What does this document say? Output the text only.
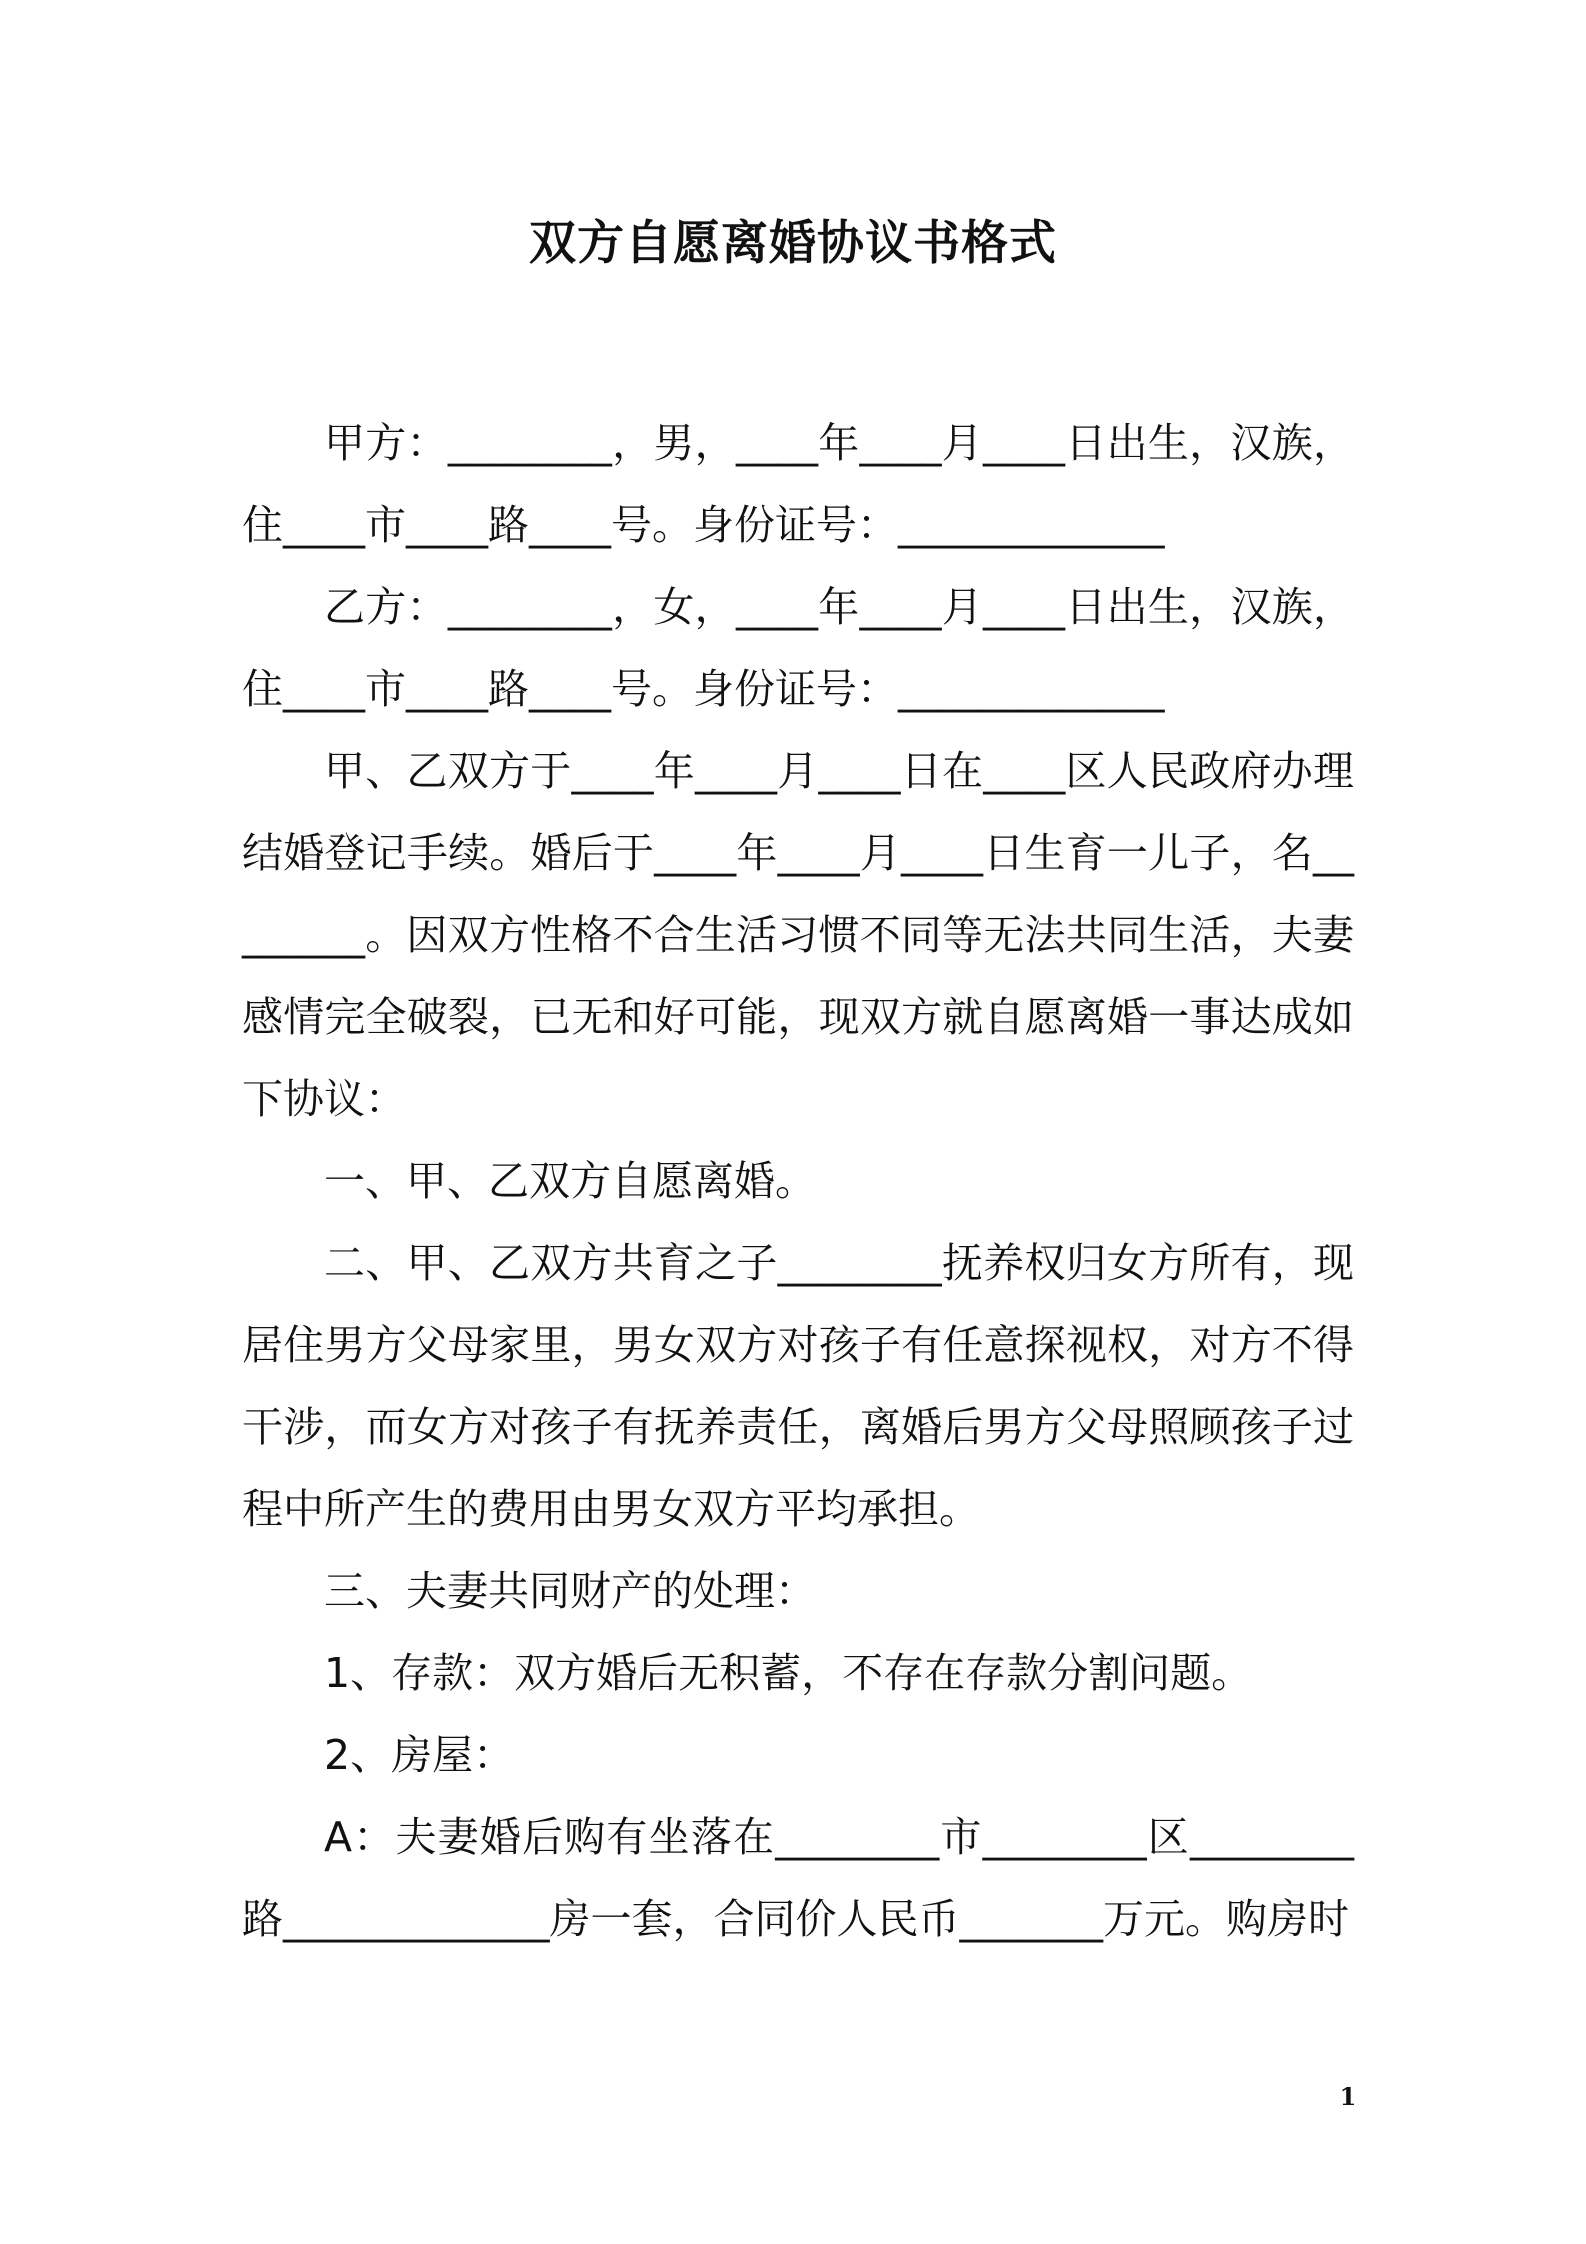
双方自愿离婚协议书格式

甲方：________，男，____年____月____日出生，汉族，住____市____路____号。身份证号：_____________

乙方：________，女，____年____月____日出生，汉族，住____市____路____号。身份证号：_____________

甲、乙双方于____年____月____日在____区人民政府办理结婚登记手续。婚后于____年____月____日生育一儿子，名________。因双方性格不合生活习惯不同等无法共同生活，夫妻感情完全破裂，已无和好可能，现双方就自愿离婚一事达成如下协议：

一、甲、乙双方自愿离婚。

二、甲、乙双方共育之子________抚养权归女方所有，现居住男方父母家里，男女双方对孩子有任意探视权，对方不得干涉，而女方对孩子有抚养责任，离婚后男方父母照顾孩子过程中所产生的费用由男女双方平均承担。

三、夫妻共同财产的处理：

1、存款：双方婚后无积蓄，不存在存款分割问题。

2、房屋：

A：夫妻婚后购有坐落在________市________区________路_____________房一套，合同价人民币_______万元。购房时

1
